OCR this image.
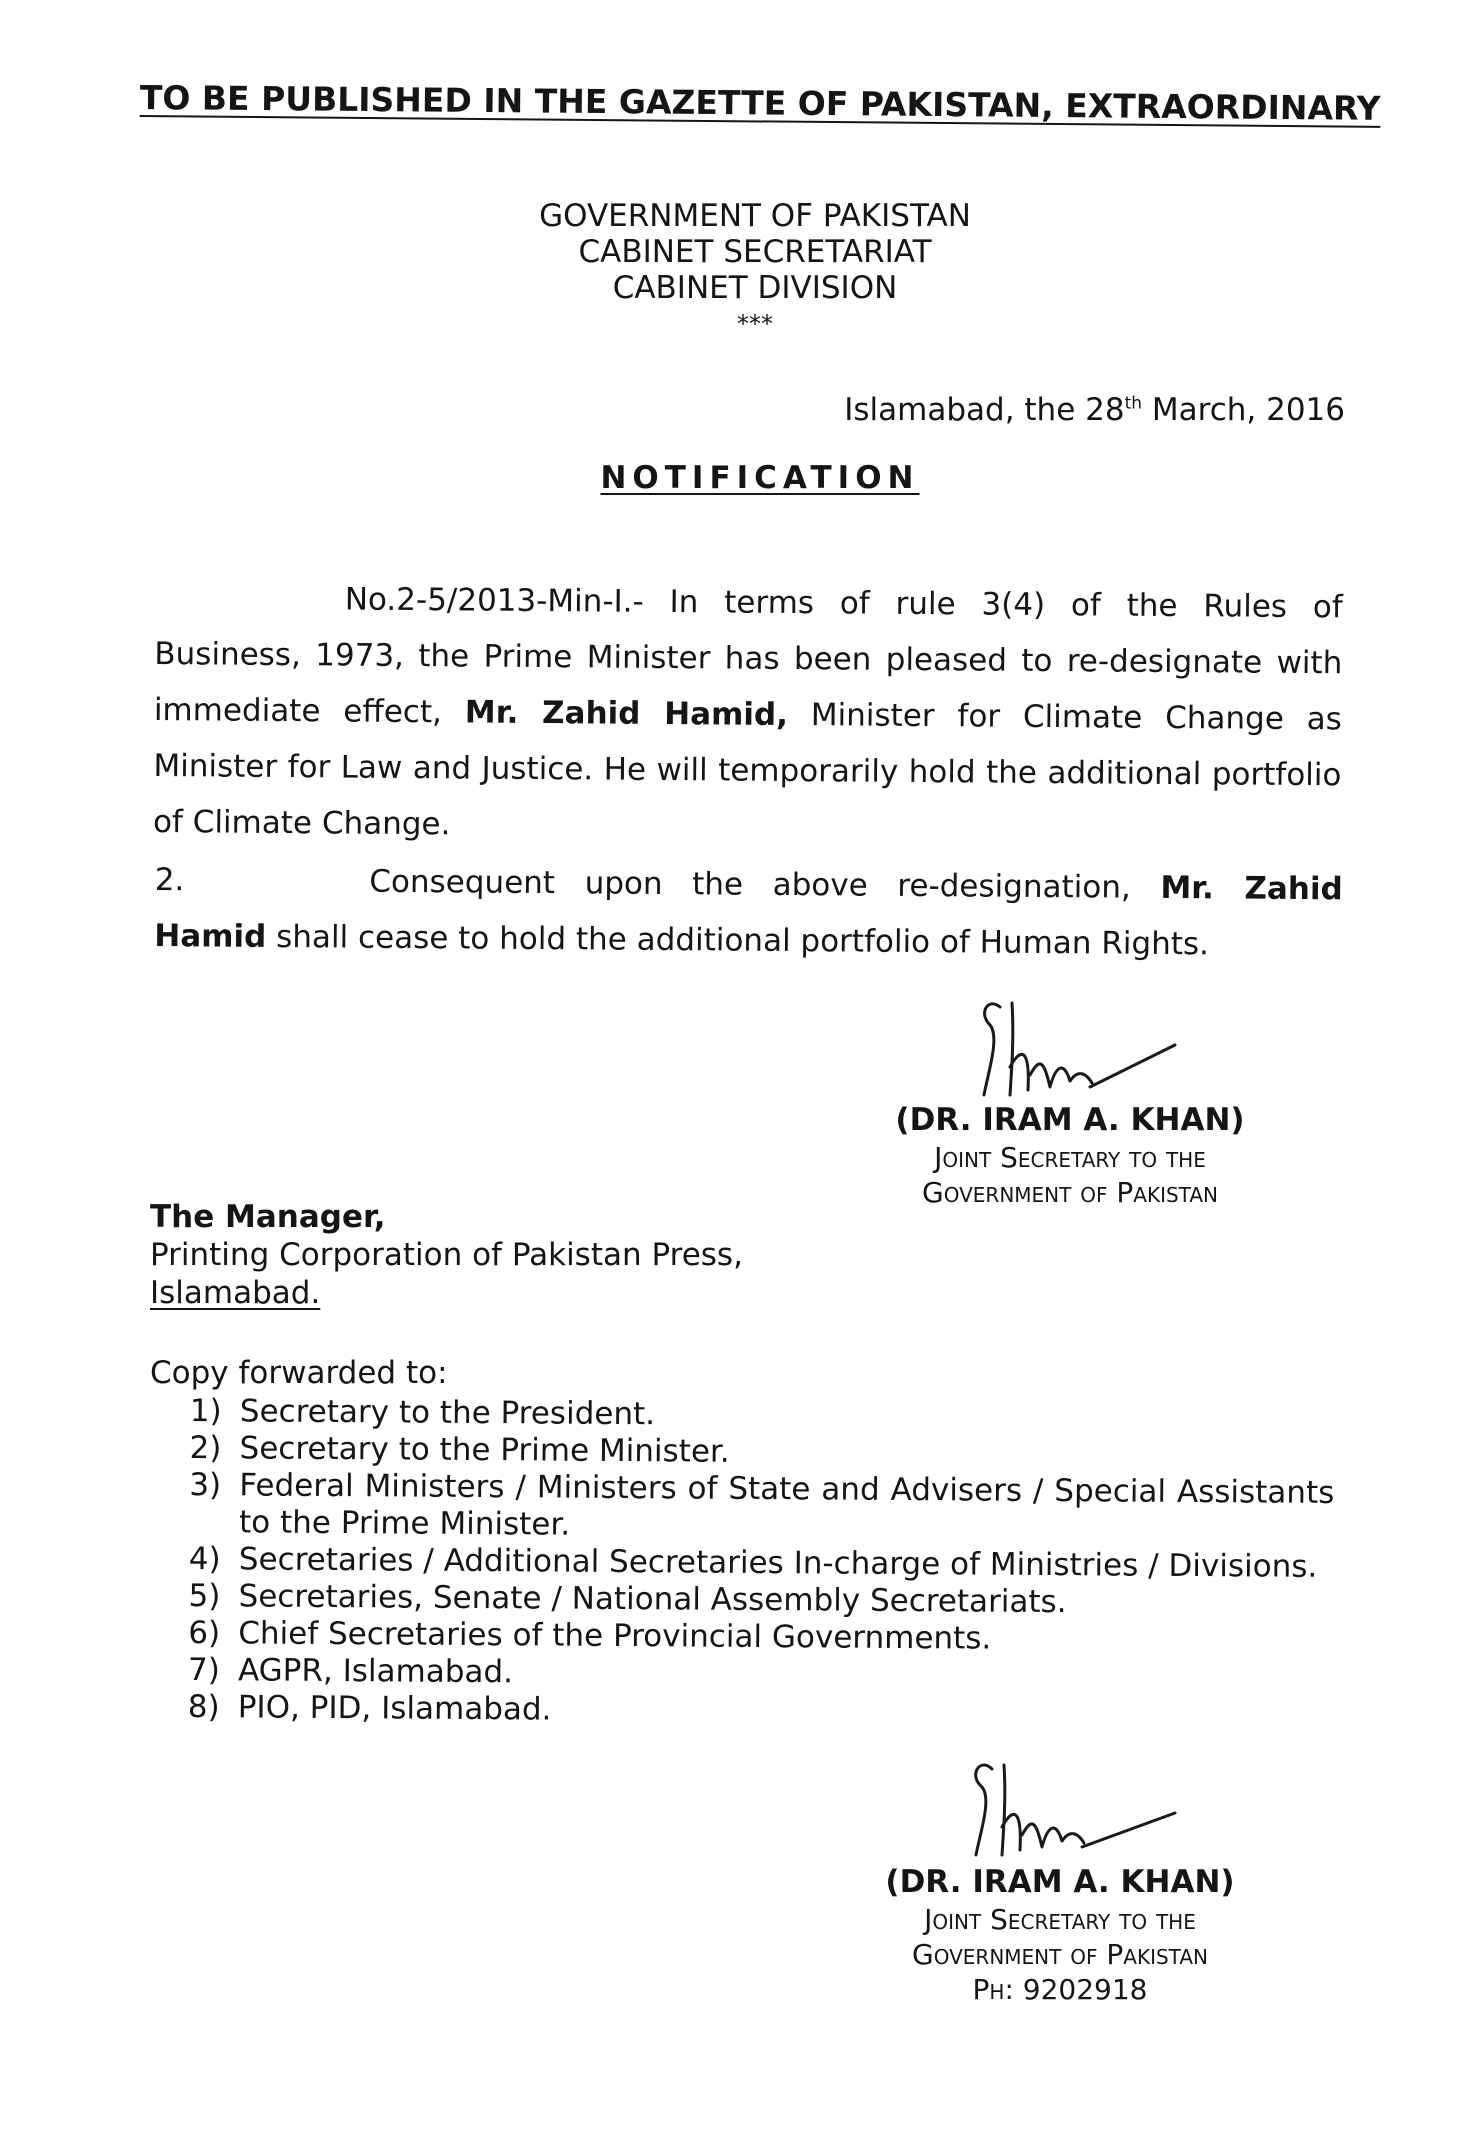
TO BE PUBLISHED IN THE GAZETTE OF PAKISTAN, EXTRAORDINARY
GOVERNMENT OF PAKISTAN
CABINET SECRETARIAT
CABINET DIVISION
***
Islamabad, the 28th March, 2016
NOTIFICATION
No.2-5/2013-Min-I.- In terms of rule 3(4) of the Rules of Business, 1973, the Prime Minister has been pleased to re-designate with immediate effect, Mr. Zahid Hamid, Minister for Climate Change as Minister for Law and Justice. He will temporarily hold the additional portfolio of Climate Change.
2.	Consequent upon the above re-designation, Mr. Zahid Hamid shall cease to hold the additional portfolio of Human Rights.
(DR. IRAM A. KHAN)
Joint Secretary to the
Government of Pakistan
The Manager,
Printing Corporation of Pakistan Press,
Islamabad.
Copy forwarded to:
1) Secretary to the President.
2) Secretary to the Prime Minister.
3) Federal Ministers / Ministers of State and Advisers / Special Assistants to the Prime Minister.
4) Secretaries / Additional Secretaries In-charge of Ministries / Divisions.
5) Secretaries, Senate / National Assembly Secretariats.
6) Chief Secretaries of the Provincial Governments.
7) AGPR, Islamabad.
8) PIO, PID, Islamabad.
(DR. IRAM A. KHAN)
Joint Secretary to the
Government of Pakistan
Ph: 9202918
